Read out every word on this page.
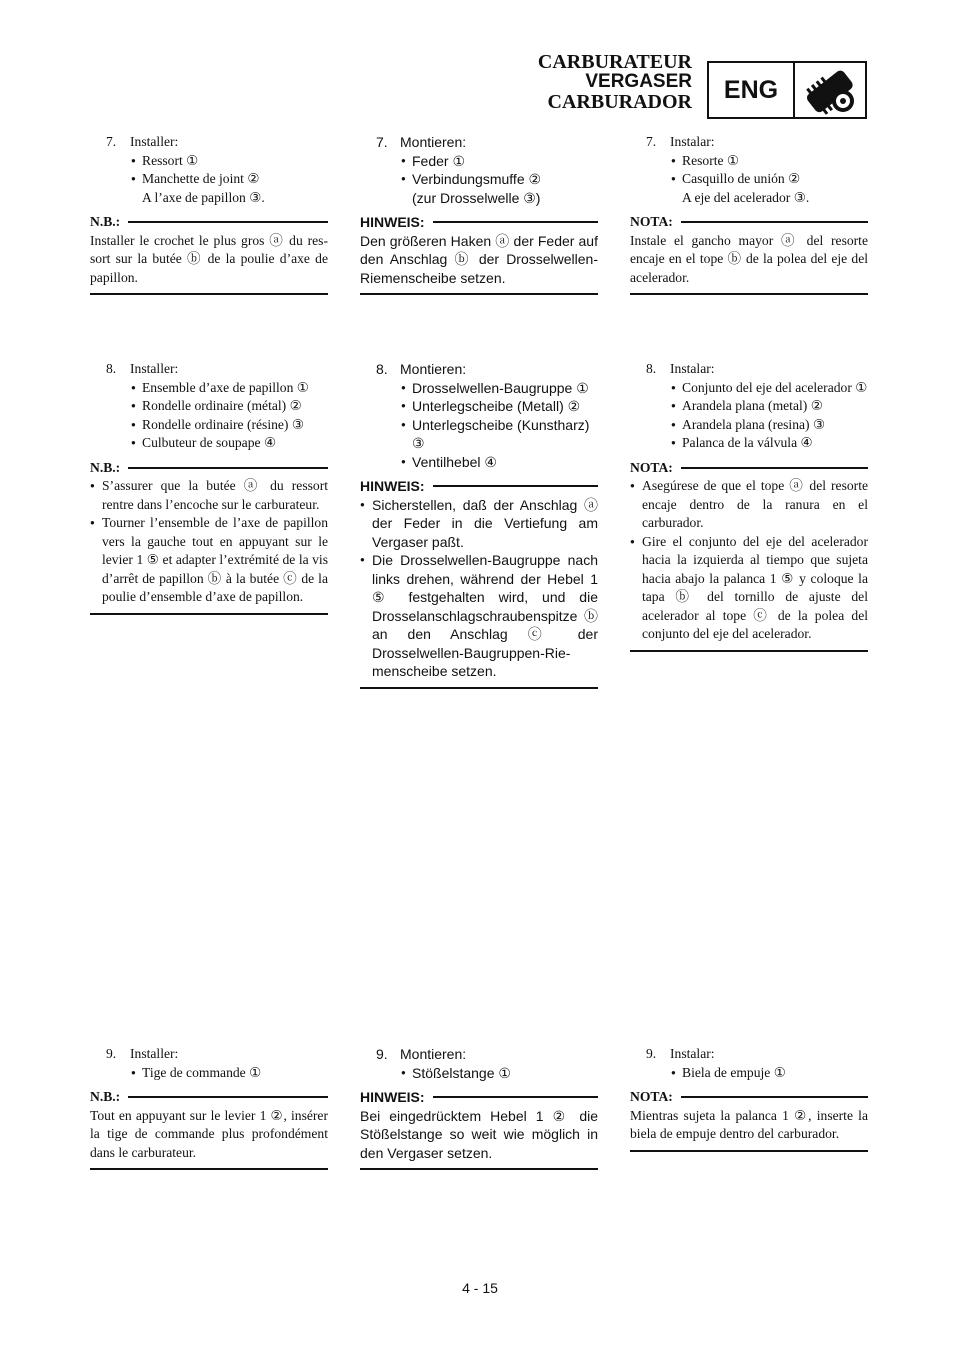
CARBURATEUR
VERGASER
CARBURADOR	ENG
7. Installer:
● Ressort ①
● Manchette de joint ②
A l’axe de papillon ③.
N.B.:

Installer le crochet le plus gros ⓐ du ressort sur la butée ⓑ de la poulie d’axe de papillon.

8. Installer:
● Ensemble d’axe de papillon ①
● Rondelle ordinaire (métal) ②
● Rondelle ordinaire (résine) ③
● Culbuteur de soupape ④
N.B.:
● S’assurer que la butée ⓐ du ressort rentre dans l’encoche sur le carburateur.
● Tourner l’ensemble de l’axe de papillon vers la gauche tout en appuyant sur le levier 1 ⑤ et adapter l’extrémité de la vis d’arrêt de papillon ⓑ à la butée ⓒ de la poulie d’ensemble d’axe de papillon.
9. Installer:
● Tige de commande ①
N.B.:

Tout en appuyant sur le levier 1 ②, insérer la tige de commande plus profondément dans le carburateur.

7. Montieren:
● Feder ①
● Verbindungsmuffe ②
(zur Drosselwelle ③)
HINWEIS:

Den größeren Haken ⓐ der Feder auf den Anschlag ⓑ der Drosselwellen-Riemenscheibe setzen.

8. Montieren:
● Drosselwellen-Baugruppe ①
● Unterlegscheibe (Metall) ②
● Unterlegscheibe (Kunstharz) ③
● Ventilhebel ④
HINWEIS:
● Sicherstellen, daß der Anschlag ⓐ der Feder in die Vertiefung am Vergaser paßt.
● Die Drosselwellen-Baugruppe nach links drehen, während der Hebel 1 ⑤ festgehalten wird, und die Drosselanschlagschraubenspitze ⓑ an den Anschlag ⓒ der Drosselwellen-Baugruppen-Riemenscheibe setzen.
9. Montieren:
● Stößelstange ①
HINWEIS:

Bei eingedrücktem Hebel 1 ② die Stößelstange so weit wie möglich in den Vergaser setzen.

7. Instalar:
● Resorte ①
● Casquillo de unión ②
A eje del acelerador ③.
NOTA:

Instale el gancho mayor ⓐ del resorte encaje en el tope ⓑ de la polea del eje del acelerador.

8. Instalar:
● Conjunto del eje del acelerador ①
● Arandela plana (metal) ②
● Arandela plana (resina) ③
● Palanca de la válvula ④
NOTA:
● Asegúrese de que el tope ⓐ del resorte encaje dentro de la ranura en el carburador.
● Gire el conjunto del eje del acelerador hacia la izquierda al tiempo que sujeta hacia abajo la palanca 1 ⑤ y coloque la tapa ⓑ del tornillo de ajuste del acelerador al tope ⓒ de la polea del conjunto del eje del acelerador.
9. Instalar:
● Biela de empuje ①
NOTA:

Mientras sujeta la palanca 1 ②, inserte la biela de empuje dentro del carburador.

4 - 15
